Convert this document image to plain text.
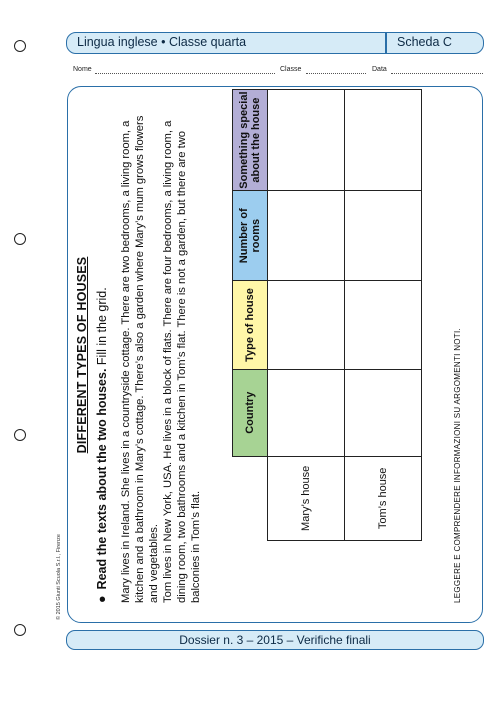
Lingua inglese • Classe quarta	Scheda C
Nome	Classe	Data
DIFFERENT TYPES OF HOUSES
●Read the texts about the two houses. Fill in the grid. Mary lives in Ireland. She lives in a countryside cottage. There are two bedrooms, a living room, a kitchen and a bathroom in Mary’s cottage. There’s also a garden where Mary’s mum grows flowers and vegetables. Tom lives in New York, USA. He lives in a block of flats. There are four bedrooms, a living room, a dining room, two bathrooms and a kitchen in Tom’s flat. There is not a garden, but there are two balconies in Tom’s flat.
	Country	Type of house	Number of rooms	Something special about the house
Mary’s house				
Tom’s house					LEGGERE E COMPRENDERE INFORMAZIONI SU ARGOMENTI NOTI.
© 2015 Giunti Scuola S.r.l., Firenze
Dossier n. 3 – 2015 – Verifiche finali
